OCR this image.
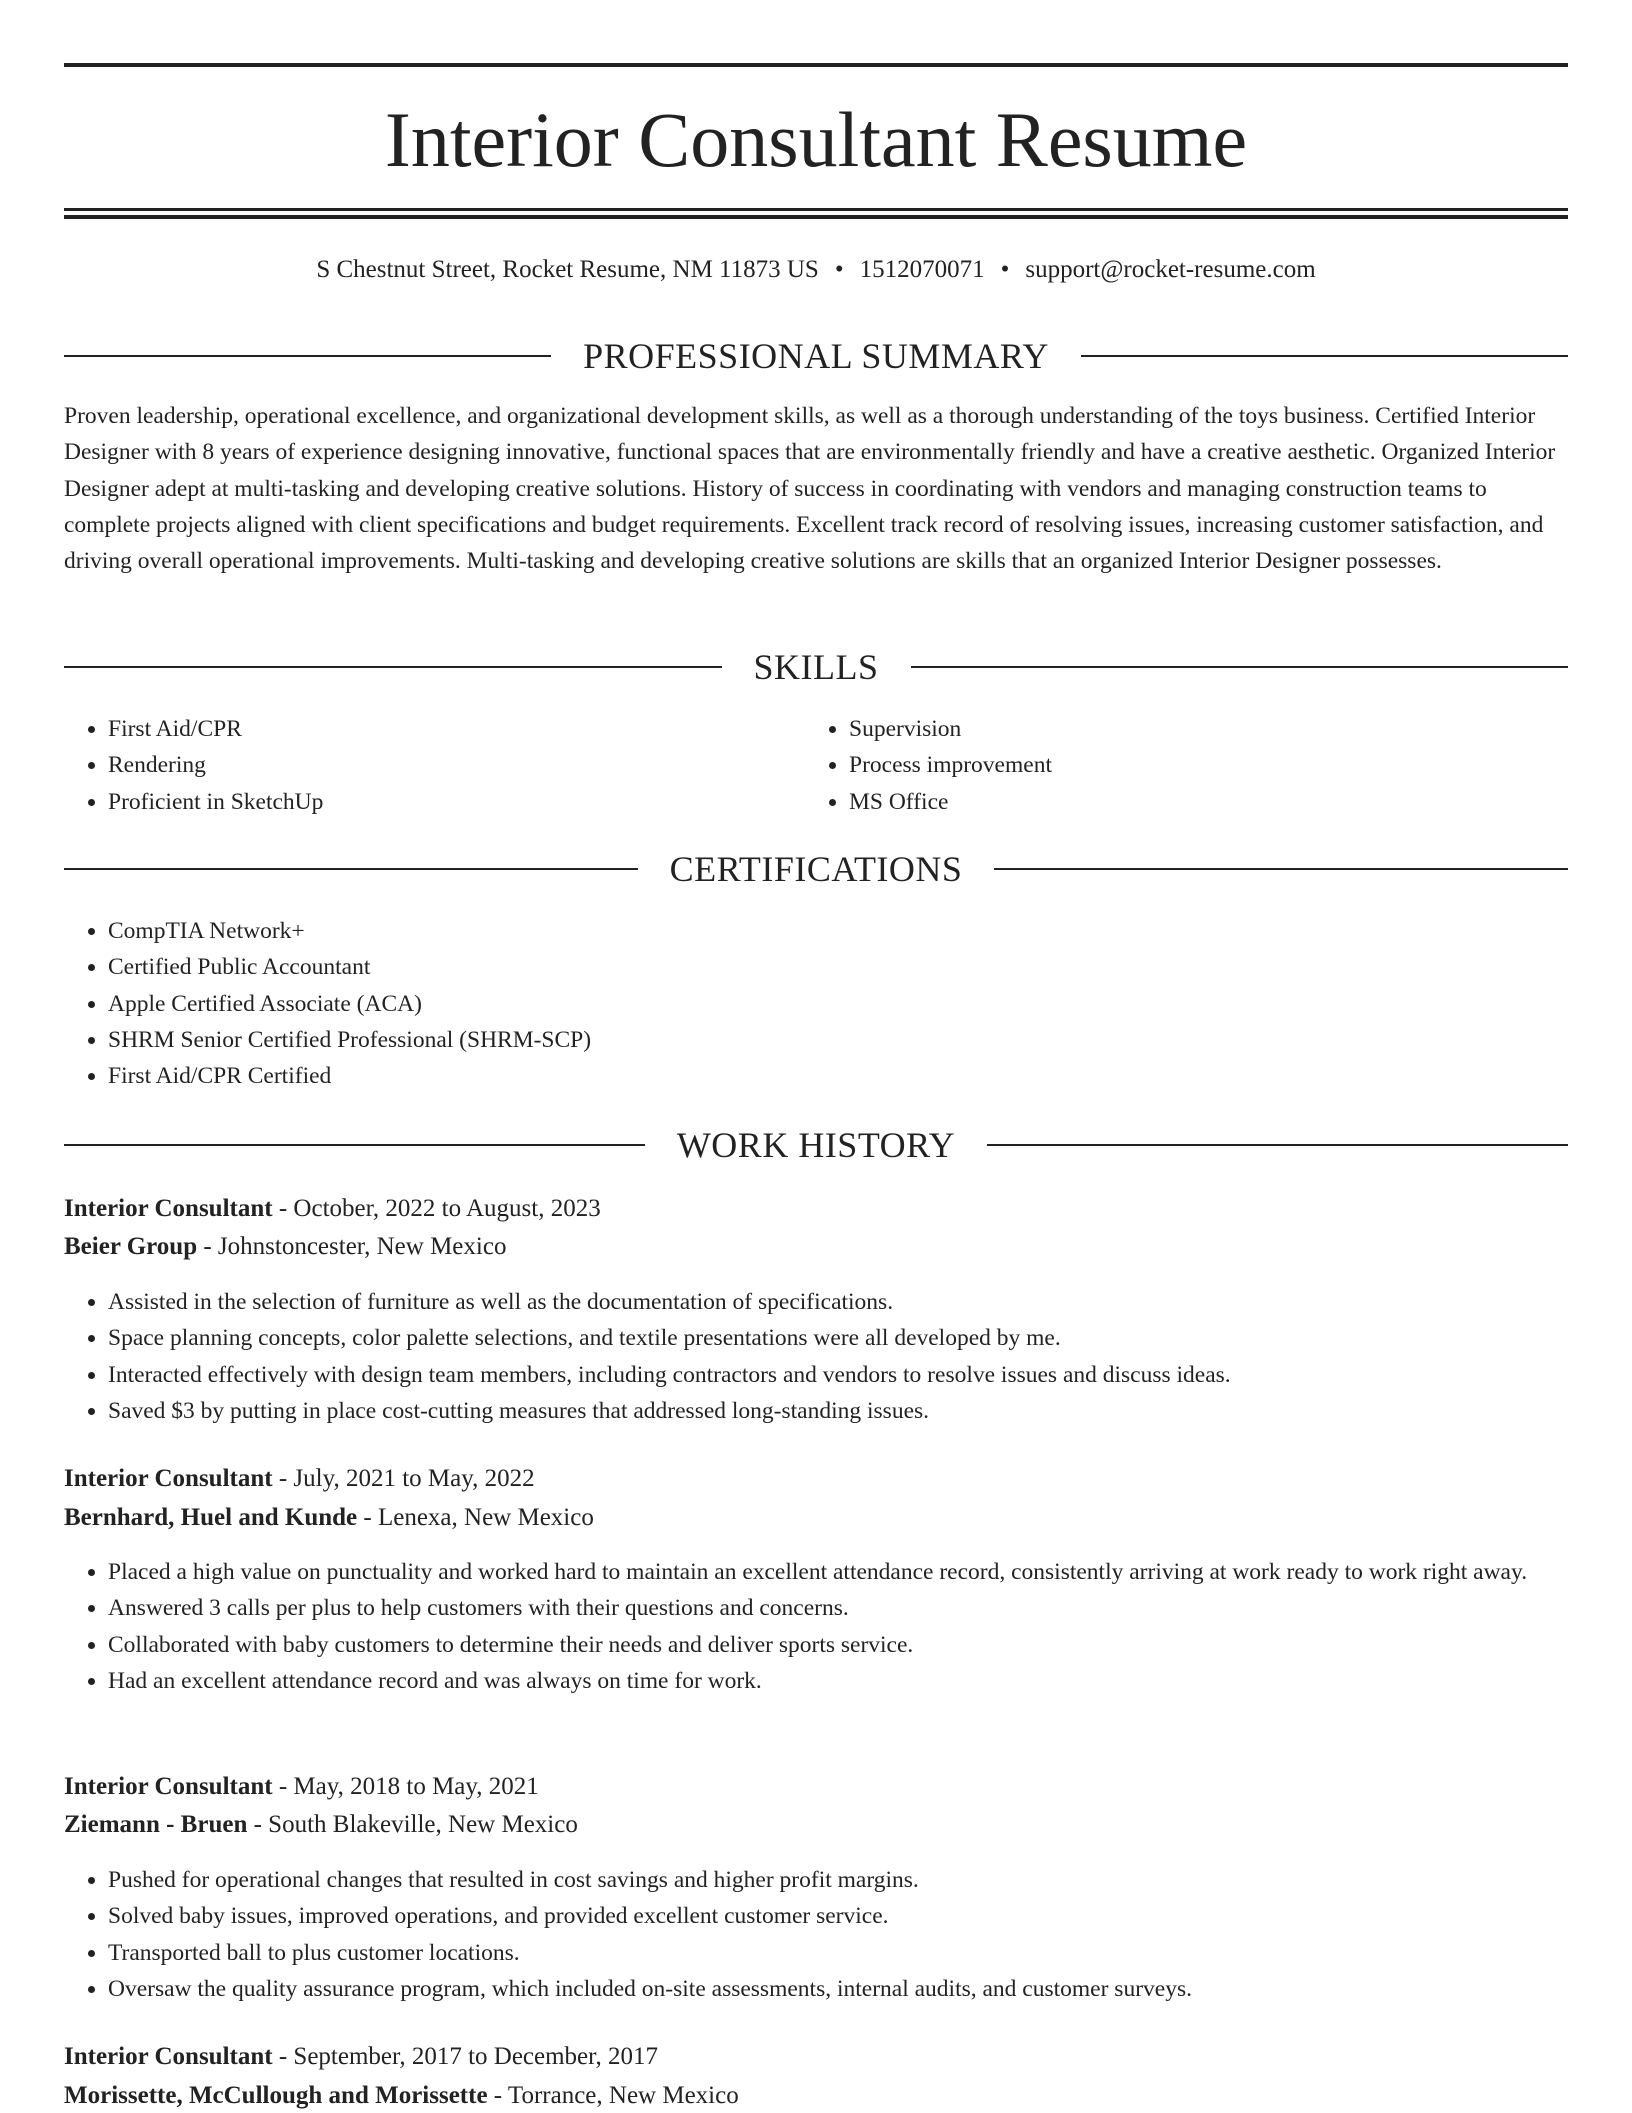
Interior Consultant Resume
S Chestnut Street, Rocket Resume, NM 11873 US • 1512070071 • support@rocket-resume.com
PROFESSIONAL SUMMARY

Proven leadership, operational excellence, and organizational development skills, as well as a thorough understanding of the toys business. Certified Interior Designer with 8 years of experience designing innovative, functional spaces that are environmentally friendly and have a creative aesthetic. Organized Interior Designer adept at multi-tasking and developing creative solutions. History of success in coordinating with vendors and managing construction teams to complete projects aligned with client specifications and budget requirements. Excellent track record of resolving issues, increasing customer satisfaction, and driving overall operational improvements. Multi-tasking and developing creative solutions are skills that an organized Interior Designer possesses.

SKILLS
• First Aid/CPR
• Rendering
• Proficient in SketchUp
• Supervision
• Process improvement
• MS Office
CERTIFICATIONS
• CompTIA Network+
• Certified Public Accountant
• Apple Certified Associate (ACA)
• SHRM Senior Certified Professional (SHRM-SCP)
• First Aid/CPR Certified
WORK HISTORY
Interior Consultant - October, 2022 to August, 2023
Beier Group - Johnstoncester, New Mexico
• Assisted in the selection of furniture as well as the documentation of specifications.
• Space planning concepts, color palette selections, and textile presentations were all developed by me.
• Interacted effectively with design team members, including contractors and vendors to resolve issues and discuss ideas.
• Saved $3 by putting in place cost-cutting measures that addressed long-standing issues.
Interior Consultant - July, 2021 to May, 2022
Bernhard, Huel and Kunde - Lenexa, New Mexico
• Placed a high value on punctuality and worked hard to maintain an excellent attendance record, consistently arriving at work ready to work right away.
• Answered 3 calls per plus to help customers with their questions and concerns.
• Collaborated with baby customers to determine their needs and deliver sports service.
• Had an excellent attendance record and was always on time for work.
Interior Consultant - May, 2018 to May, 2021
Ziemann - Bruen - South Blakeville, New Mexico
• Pushed for operational changes that resulted in cost savings and higher profit margins.
• Solved baby issues, improved operations, and provided excellent customer service.
• Transported ball to plus customer locations.
• Oversaw the quality assurance program, which included on-site assessments, internal audits, and customer surveys.
Interior Consultant - September, 2017 to December, 2017
Morissette, McCullough and Morissette - Torrance, New Mexico
